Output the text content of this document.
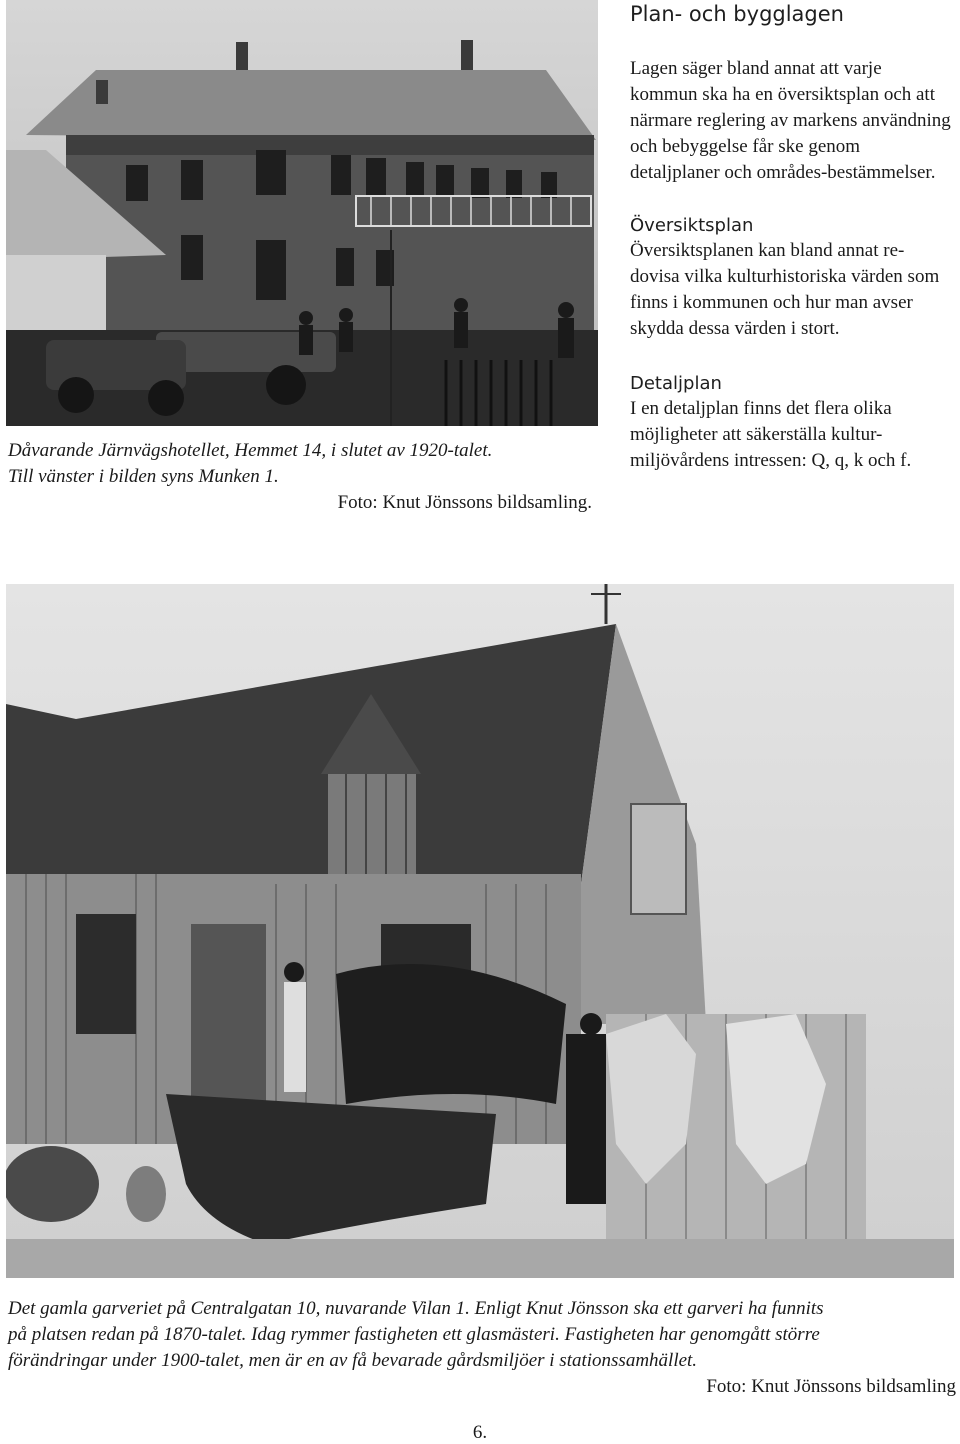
Dåvarande Järnvägshotellet, Hemmet 14, i slutet av 1920-talet.
Till vänster i bilden syns Munken 1.
Foto: Knut Jönssons bildsamling.
Plan- och bygglagen

Lagen säger bland annat att varje kommun ska ha en översiktsplan och att närmare reglering av markens användning och bebyggelse får ske genom detaljplaner och områdes-bestämmelser.

Översiktsplan

Översiktsplanen kan bland annat re-dovisa vilka kulturhistoriska värden som finns i kommunen och hur man avser skydda dessa värden i stort.

Detaljplan

I en detaljplan finns det flera olika möjligheter att säkerställa kultur-miljövårdens intressen: Q, q, k och f.

Det gamla garveriet på Centralgatan 10, nuvarande Vilan 1. Enligt Knut Jönsson ska ett garveri ha funnits
på platsen redan på 1870-talet. Idag rymmer fastigheten ett glasmästeri. Fastigheten har genomgått större
förändringar under 1900-talet, men är en av få bevarade gårdsmiljöer i stationssamhället.
Foto: Knut Jönssons bildsamling
6.
